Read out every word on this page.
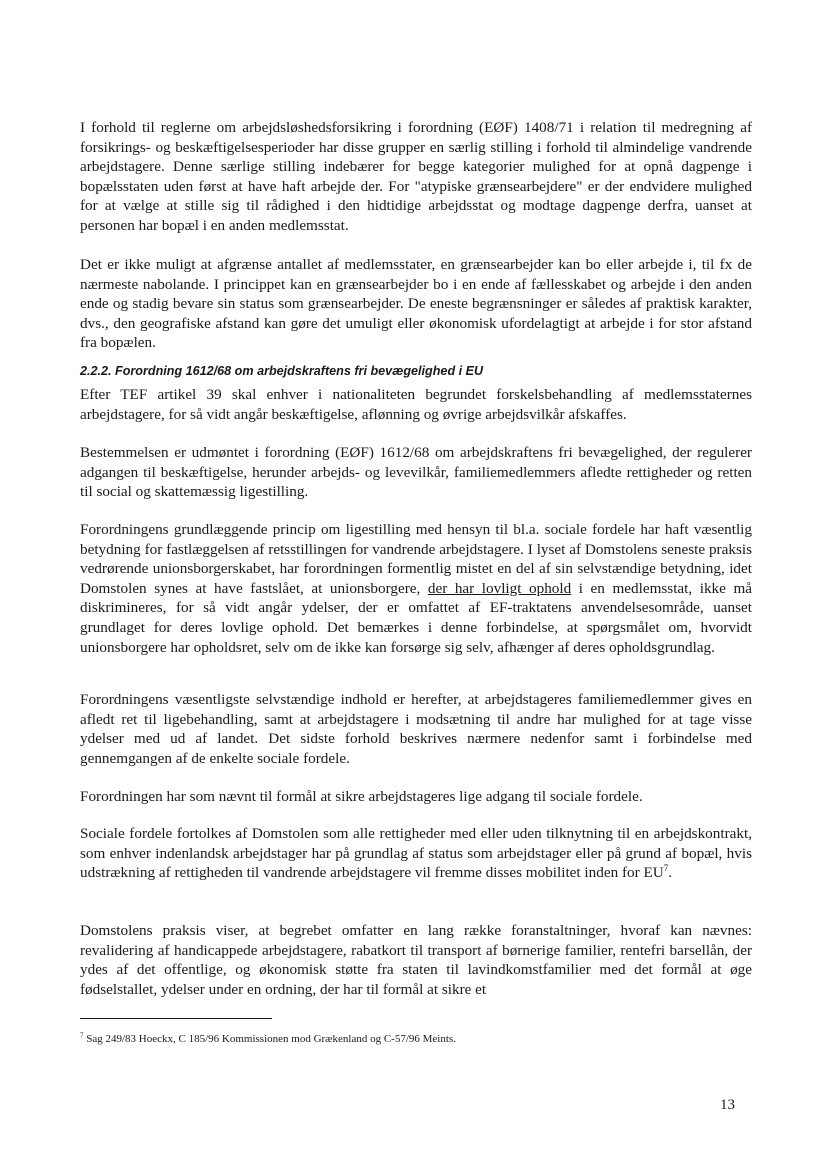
I forhold til reglerne om arbejdsløshedsforsikring i forordning (EØF) 1408/71 i relation til medregning af forsikrings- og beskæftigelsesperioder har disse grupper en særlig stilling i forhold til almindelige vandrende arbejdstagere. Denne særlige stilling indebærer for begge kategorier mulighed for at opnå dagpenge i bopælsstaten uden først at have haft arbejde der. For "atypiske grænsearbejdere" er der endvidere mulighed for at vælge at stille sig til rådighed i den hidtidige arbejdsstat og modtage dagpenge derfra, uanset at personen har bopæl i en anden medlemsstat.

Det er ikke muligt at afgrænse antallet af medlemsstater, en grænsearbejder kan bo eller arbejde i, til fx de nærmeste nabolande. I princippet kan en grænsearbejder bo i en ende af fællesskabet og arbejde i den anden ende og stadig bevare sin status som grænsearbejder. De eneste begrænsninger er således af praktisk karakter, dvs., den geografiske afstand kan gøre det umuligt eller økonomisk ufordelagtigt at arbejde i for stor afstand fra bopælen.

2.2.2. Forordning 1612/68 om arbejdskraftens fri bevægelighed i EU

Efter TEF artikel 39 skal enhver i nationaliteten begrundet forskelsbehandling af medlemsstaternes arbejdstagere, for så vidt angår beskæftigelse, aflønning og øvrige arbejdsvilkår afskaffes.

Bestemmelsen er udmøntet i forordning (EØF) 1612/68 om arbejdskraftens fri bevægelighed, der regulerer adgangen til beskæftigelse, herunder arbejds- og levevilkår, familiemedlemmers afledte rettigheder og retten til social og skattemæssig ligestilling.

Forordningens grundlæggende princip om ligestilling med hensyn til bl.a. sociale fordele har haft væsentlig betydning for fastlæggelsen af retsstillingen for vandrende arbejdstagere. I lyset af Domstolens seneste praksis vedrørende unionsborgerskabet, har forordningen formentlig mistet en del af sin selvstændige betydning, idet Domstolen synes at have fastslået, at unionsborgere, der har lovligt ophold i en medlemsstat, ikke må diskrimineres, for så vidt angår ydelser, der er omfattet af EF-traktatens anvendelsesområde, uanset grundlaget for deres lovlige ophold. Det bemærkes i denne forbindelse, at spørgsmålet om, hvorvidt unionsborgere har opholdsret, selv om de ikke kan forsørge sig selv, afhænger af deres opholdsgrundlag.

Forordningens væsentligste selvstændige indhold er herefter, at arbejdstageres familiemedlemmer gives en afledt ret til ligebehandling, samt at arbejdstagere i modsætning til andre har mulighed for at tage visse ydelser med ud af landet. Det sidste forhold beskrives nærmere nedenfor samt i forbindelse med gennemgangen af de enkelte sociale fordele.

Forordningen har som nævnt til formål at sikre arbejdstageres lige adgang til sociale fordele.

Sociale fordele fortolkes af Domstolen som alle rettigheder med eller uden tilknytning til en arbejdskontrakt, som enhver indenlandsk arbejdstager har på grundlag af status som arbejdstager eller på grund af bopæl, hvis udstrækning af rettigheden til vandrende arbejdstagere vil fremme disses mobilitet inden for $EU^7$.

Domstolens praksis viser, at begrebet omfatter en lang række foranstaltninger, hvoraf kan nævnes: revalidering af handicappede arbejdstagere, rabatkort til transport af børnerige familier, rentefri barsellån, der ydes af det offentlige, og økonomisk støtte fra staten til lavindkomstfamilier med det formål at øge fødselstallet, ydelser under en ordning, der har til formål at sikre et

$^7$ Sag 249/83 Hoeckx, C 185/96 Kommissionen mod Grækenland og C-57/96 Meints.
13
